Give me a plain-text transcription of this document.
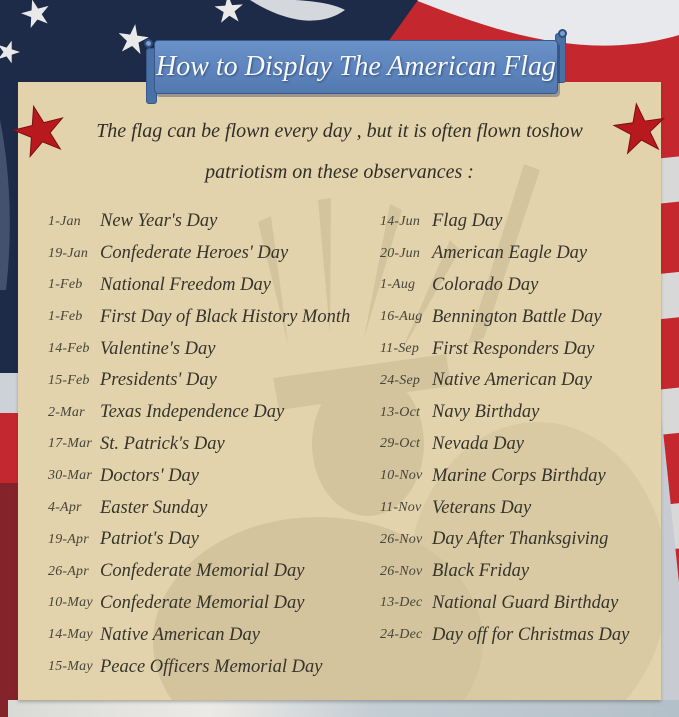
How to Display The American Flag
The flag can be flown every day , but it is often flown toshow
patriotism on these observances :
1-Jan	New Year's Day
19-Jan Confederate Heroes' Day
1-Feb National Freedom Day
1-Feb First Day of Black History Month
14-Feb Valentine's Day
15-Feb Presidents' Day
2-Mar Texas Independence Day
17-Mar St. Patrick's Day
30-Mar Doctors' Day
4-Apr Easter Sunday
19-Apr Patriot's Day
26-Apr Confederate Memorial Day
10-May Confederate Memorial Day
14-May Native American Day
15-May Peace Officers Memorial Day
14-Jun Flag Day
20-Jun American Eagle Day
1-Aug Colorado Day
16-Aug Bennington Battle Day
11-Sep First Responders Day
24-Sep Native American Day
13-Oct Navy Birthday
29-Oct Nevada Day
10-Nov Marine Corps Birthday
11-Nov Veterans Day
26-Nov Day After Thanksgiving
26-Nov Black Friday
13-Dec National Guard Birthday
24-Dec Day off for Christmas Day
